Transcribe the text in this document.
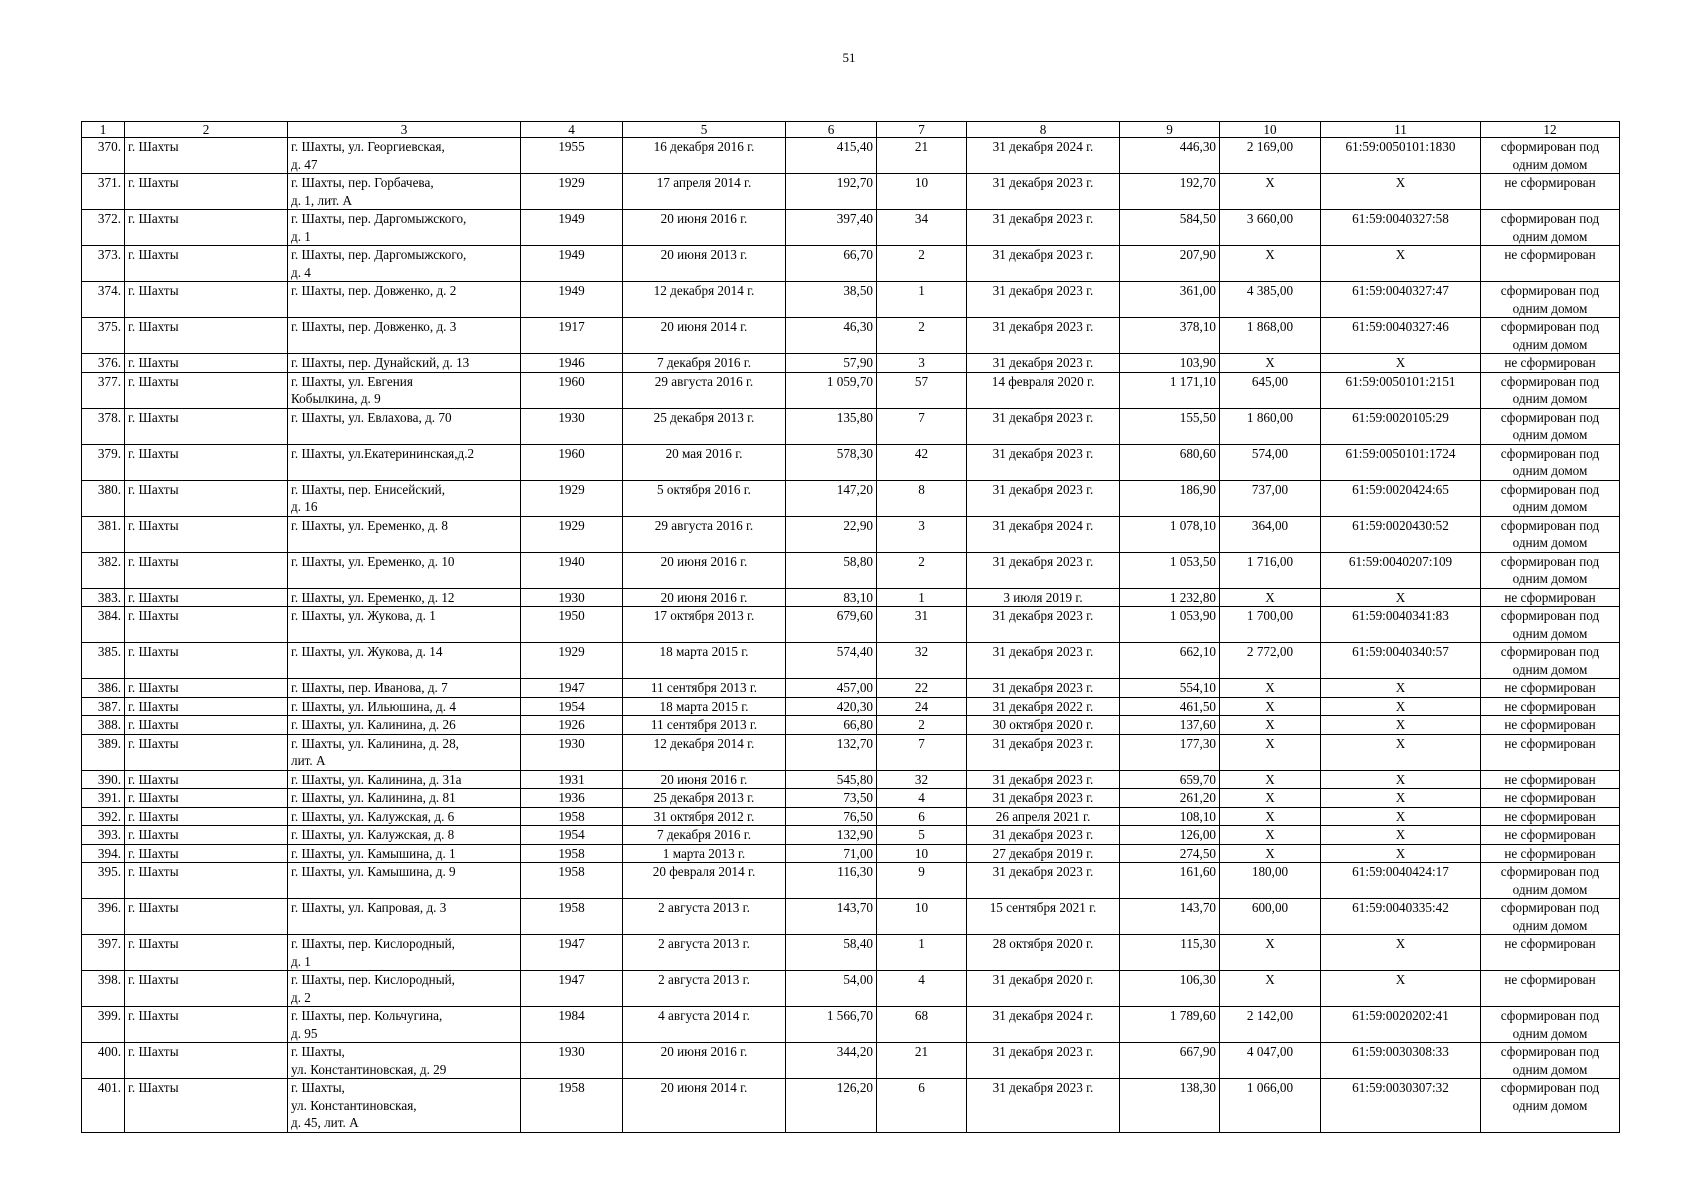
51
1	2	3	4	5	6	7	8	9	10	11	12
370.	г. Шахты	г. Шахты, ул. Георгиевская,
д. 47	1955	16 декабря 2016 г.	415,40	21	31 декабря 2024 г.	446,30	2 169,00	61:59:0050101:1830	сформирован под одним домом
371.	г. Шахты	г. Шахты, пер. Горбачева,
д. 1, лит. А	1929	17 апреля 2014 г.	192,70	10	31 декабря 2023 г.	192,70	Х	Х	не сформирован
372.	г. Шахты	г. Шахты, пер. Даргомыжского,
д. 1	1949	20 июня 2016 г.	397,40	34	31 декабря 2023 г.	584,50	3 660,00	61:59:0040327:58	сформирован под одним домом
373.	г. Шахты	г. Шахты, пер. Даргомыжского,
д. 4	1949	20 июня 2013 г.	66,70	2	31 декабря 2023 г.	207,90	Х	Х	не сформирован
374.	г. Шахты	г. Шахты, пер. Довженко, д. 2	1949	12 декабря 2014 г.	38,50	1	31 декабря 2023 г.	361,00	4 385,00	61:59:0040327:47	сформирован под одним домом
375.	г. Шахты	г. Шахты, пер. Довженко, д. 3	1917	20 июня 2014 г.	46,30	2	31 декабря 2023 г.	378,10	1 868,00	61:59:0040327:46	сформирован под одним домом
376.	г. Шахты	г. Шахты, пер. Дунайский, д. 13	1946	7 декабря 2016 г.	57,90	3	31 декабря 2023 г.	103,90	Х	Х	не сформирован
377.	г. Шахты	г. Шахты, ул. Евгения
Кобылкина, д. 9	1960	29 августа 2016 г.	1 059,70	57	14 февраля 2020 г.	1 171,10	645,00	61:59:0050101:2151	сформирован под одним домом
378.	г. Шахты	г. Шахты, ул. Евлахова, д. 70	1930	25 декабря 2013 г.	135,80	7	31 декабря 2023 г.	155,50	1 860,00	61:59:0020105:29	сформирован под одним домом
379.	г. Шахты	г. Шахты, ул.Екатерининская,д.2	1960	20 мая 2016 г.	578,30	42	31 декабря 2023 г.	680,60	574,00	61:59:0050101:1724	сформирован под одним домом
380.	г. Шахты	г. Шахты, пер. Енисейский,
д. 16	1929	5 октября 2016 г.	147,20	8	31 декабря 2023 г.	186,90	737,00	61:59:0020424:65	сформирован под одним домом
381.	г. Шахты	г. Шахты, ул. Еременко, д. 8	1929	29 августа 2016 г.	22,90	3	31 декабря 2024 г.	1 078,10	364,00	61:59:0020430:52	сформирован под одним домом
382.	г. Шахты	г. Шахты, ул. Еременко, д. 10	1940	20 июня 2016 г.	58,80	2	31 декабря 2023 г.	1 053,50	1 716,00	61:59:0040207:109	сформирован под одним домом
383.	г. Шахты	г. Шахты, ул. Еременко, д. 12	1930	20 июня 2016 г.	83,10	1	3 июля 2019 г.	1 232,80	Х	Х	не сформирован
384.	г. Шахты	г. Шахты, ул. Жукова, д. 1	1950	17 октября 2013 г.	679,60	31	31 декабря 2023 г.	1 053,90	1 700,00	61:59:0040341:83	сформирован под одним домом
385.	г. Шахты	г. Шахты, ул. Жукова, д. 14	1929	18 марта 2015 г.	574,40	32	31 декабря 2023 г.	662,10	2 772,00	61:59:0040340:57	сформирован под одним домом
386.	г. Шахты	г. Шахты, пер. Иванова, д. 7	1947	11 сентября 2013 г.	457,00	22	31 декабря 2023 г.	554,10	Х	Х	не сформирован
387.	г. Шахты	г. Шахты, ул. Ильюшина, д. 4	1954	18 марта 2015 г.	420,30	24	31 декабря 2022 г.	461,50	Х	Х	не сформирован
388.	г. Шахты	г. Шахты, ул. Калинина, д. 26	1926	11 сентября 2013 г.	66,80	2	30 октября 2020 г.	137,60	Х	Х	не сформирован
389.	г. Шахты	г. Шахты, ул. Калинина, д. 28,
лит. А	1930	12 декабря 2014 г.	132,70	7	31 декабря 2023 г.	177,30	Х	Х	не сформирован
390.	г. Шахты	г. Шахты, ул. Калинина, д. 31а	1931	20 июня 2016 г.	545,80	32	31 декабря 2023 г.	659,70	Х	Х	не сформирован
391.	г. Шахты	г. Шахты, ул. Калинина, д. 81	1936	25 декабря 2013 г.	73,50	4	31 декабря 2023 г.	261,20	Х	Х	не сформирован
392.	г. Шахты	г. Шахты, ул. Калужская, д. 6	1958	31 октября 2012 г.	76,50	6	26 апреля 2021 г.	108,10	Х	Х	не сформирован
393.	г. Шахты	г. Шахты, ул. Калужская, д. 8	1954	7 декабря 2016 г.	132,90	5	31 декабря 2023 г.	126,00	Х	Х	не сформирован
394.	г. Шахты	г. Шахты, ул. Камышина, д. 1	1958	1 марта 2013 г.	71,00	10	27 декабря 2019 г.	274,50	Х	Х	не сформирован
395.	г. Шахты	г. Шахты, ул. Камышина, д. 9	1958	20 февраля 2014 г.	116,30	9	31 декабря 2023 г.	161,60	180,00	61:59:0040424:17	сформирован под одним домом
396.	г. Шахты	г. Шахты, ул. Капровая, д. 3	1958	2 августа 2013 г.	143,70	10	15 сентября 2021 г.	143,70	600,00	61:59:0040335:42	сформирован под одним домом
397.	г. Шахты	г. Шахты, пер. Кислородный,
д. 1	1947	2 августа 2013 г.	58,40	1	28 октября 2020 г.	115,30	Х	Х	не сформирован
398.	г. Шахты	г. Шахты, пер. Кислородный,
д. 2	1947	2 августа 2013 г.	54,00	4	31 декабря 2020 г.	106,30	Х	Х	не сформирован
399.	г. Шахты	г. Шахты, пер. Кольчугина,
д. 95	1984	4 августа 2014 г.	1 566,70	68	31 декабря 2024 г.	1 789,60	2 142,00	61:59:0020202:41	сформирован под одним домом
400.	г. Шахты	г. Шахты,
ул. Константиновская, д. 29	1930	20 июня 2016 г.	344,20	21	31 декабря 2023 г.	667,90	4 047,00	61:59:0030308:33	сформирован под одним домом
401.	г. Шахты	г. Шахты,
ул. Константиновская,
д. 45, лит. А	1958	20 июня 2014 г.	126,20	6	31 декабря 2023 г.	138,30	1 066,00	61:59:0030307:32	сформирован под одним домом
